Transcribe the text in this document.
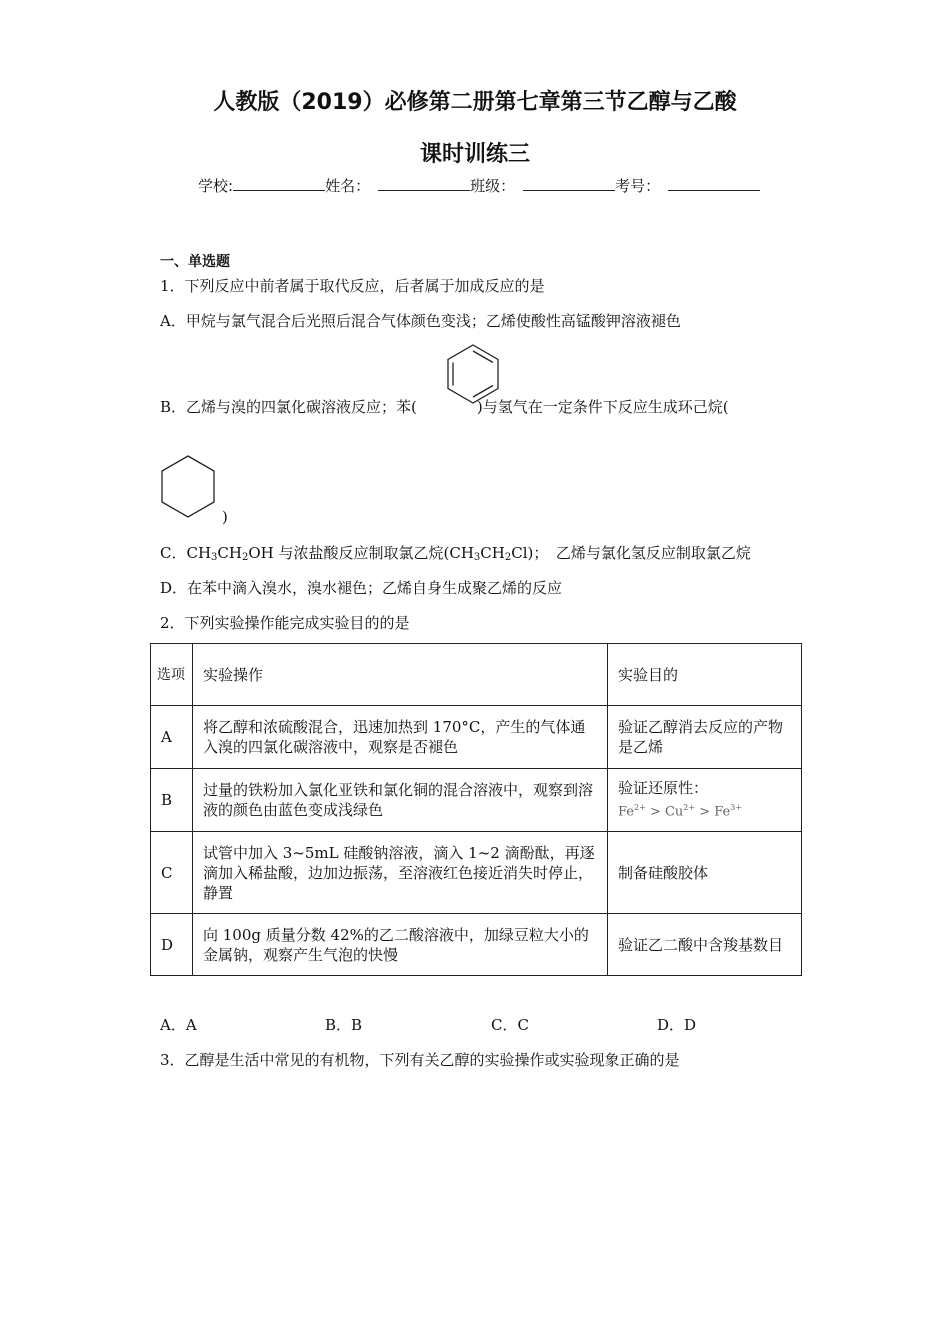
人教版（2019）必修第二册第七章第三节乙醇与乙酸
课时训练三
学校:	姓名：	班级：	考号：
一、单选题
1．下列反应中前者属于取代反应，后者属于加成反应的是
A．甲烷与氯气混合后光照后混合气体颜色变浅；乙烯使酸性高锰酸钾溶液褪色
B．乙烯与溴的四氯化碳溶液反应；苯(	)与氢气在一定条件下反应生成环己烷(
)
C．$CH_3CH_2OH$ 与浓盐酸反应制取氯乙烷$(CH_3CH_2Cl)$；　乙烯与氯化氢反应制取氯乙烷
D．在苯中滴入溴水，溴水褪色；乙烯自身生成聚乙烯的反应
2．下列实验操作能完成实验目的的是
选项	实验操作	实验目的
A	将乙醇和浓硫酸混合，迅速加热到 170°C，产生的气体通入溴的四氯化碳溶液中，观察是否褪色	验证乙醇消去反应的产物是乙烯
B	过量的铁粉加入氯化亚铁和氯化铜的混合溶液中，观察到溶液的颜色由蓝色变成浅绿色	验证还原性：
$Fe^{2+} > Cu^{2+} > Fe^{3+}$

C	试管中加入 3~5mL 硅酸钠溶液，滴入 1~2 滴酚酞，再逐滴加入稀盐酸，边加边振荡，至溶液红色接近消失时停止，静置	制备硅酸胶体
D	向 100g 质量分数 42%的乙二酸溶液中，加绿豆粒大小的金属钠，观察产生气泡的快慢	验证乙二酸中含羧基数目
A．A	B．B	C．C	D．D
3．乙醇是生活中常见的有机物，下列有关乙醇的实验操作或实验现象正确的是
